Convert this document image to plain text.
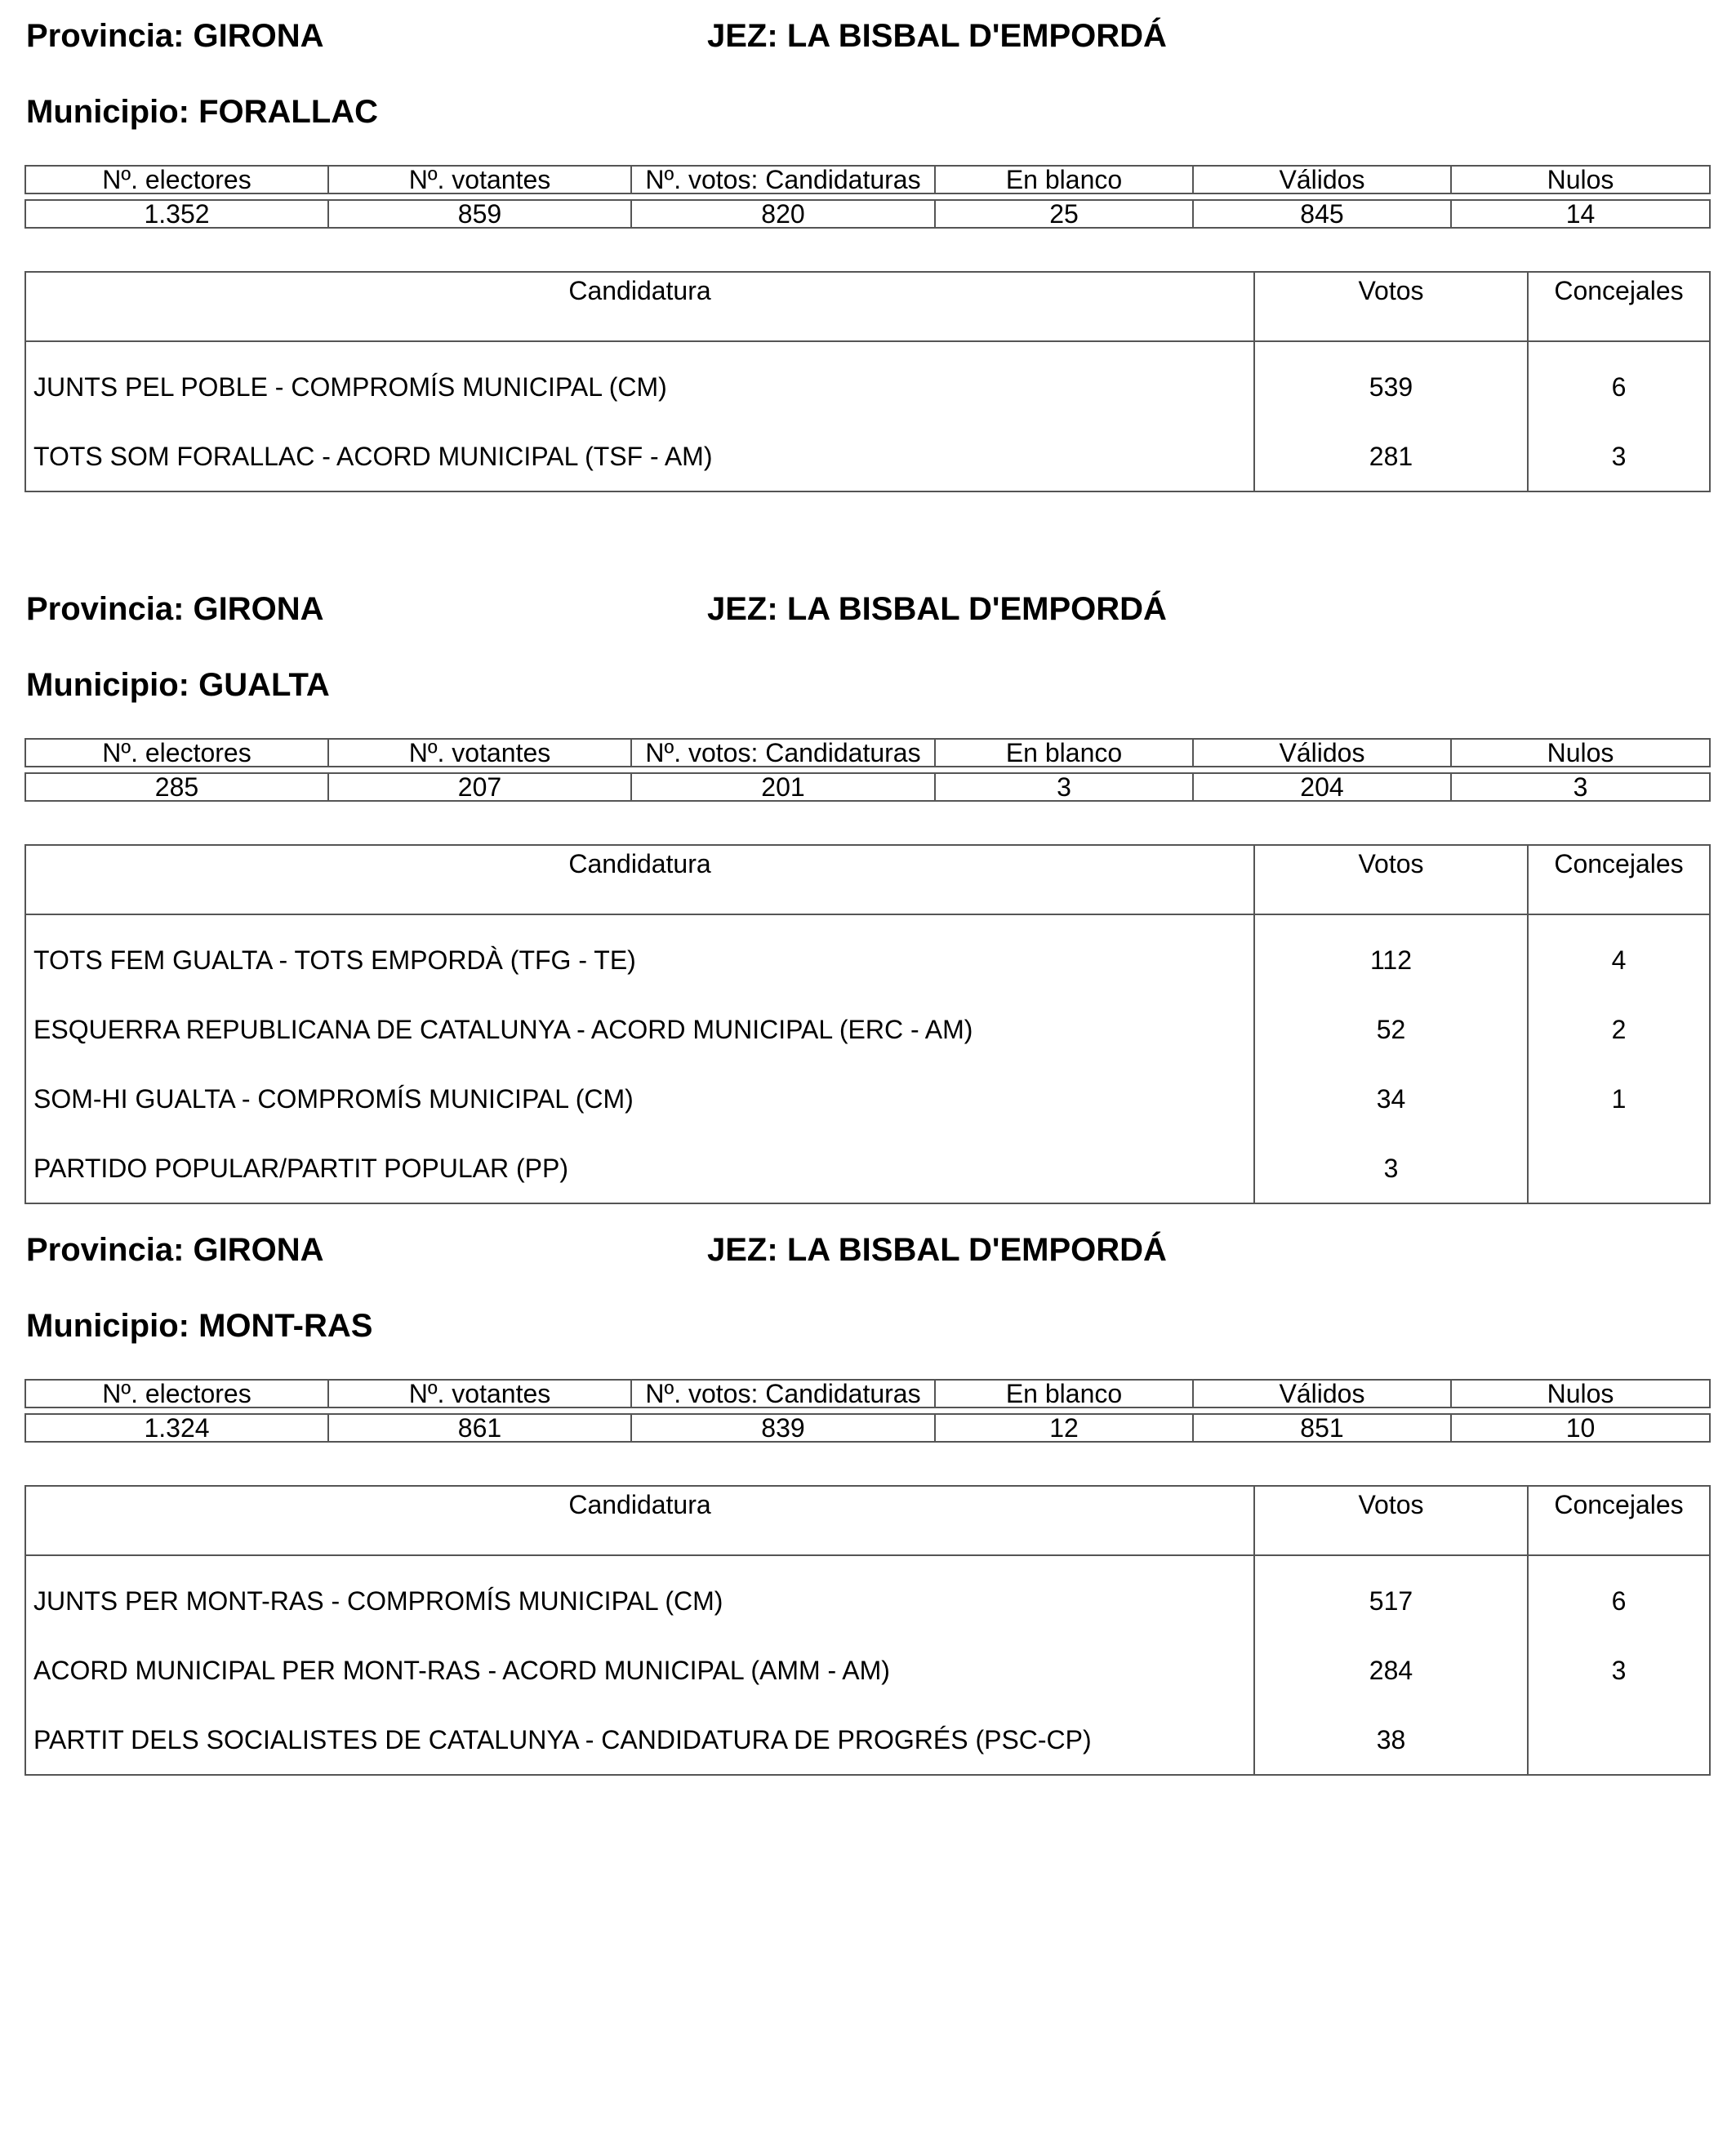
Provincia: GIRONA	JEZ: LA BISBAL D'EMPORDÁ
Municipio: FORALLAC
Nº. electores	Nº. votantes	Nº. votos: Candidaturas	En blanco	Válidos	Nulos

1.352	859	820	25	845	14
Candidatura	Votos	Concejales
JUNTS PEL POBLE - COMPROMÍS MUNICIPAL (CM)	539	6
TOTS SOM FORALLAC - ACORD MUNICIPAL (TSF - AM)	281	3
Provincia: GIRONA	JEZ: LA BISBAL D'EMPORDÁ
Municipio: GUALTA
Nº. electores	Nº. votantes	Nº. votos: Candidaturas	En blanco	Válidos	Nulos

285	207	201	3	204	3
Candidatura	Votos	Concejales
TOTS FEM GUALTA - TOTS EMPORDÀ (TFG - TE)	112	4
ESQUERRA REPUBLICANA DE CATALUNYA - ACORD MUNICIPAL (ERC - AM)	52	2
SOM-HI GUALTA - COMPROMÍS MUNICIPAL (CM)	34	1
PARTIDO POPULAR/PARTIT POPULAR (PP)	3	
Provincia: GIRONA	JEZ: LA BISBAL D'EMPORDÁ
Municipio: MONT-RAS
Nº. electores	Nº. votantes	Nº. votos: Candidaturas	En blanco	Válidos	Nulos

1.324	861	839	12	851	10
Candidatura	Votos	Concejales
JUNTS PER MONT-RAS - COMPROMÍS MUNICIPAL (CM)	517	6
ACORD MUNICIPAL PER MONT-RAS - ACORD MUNICIPAL (AMM - AM)	284	3
PARTIT DELS SOCIALISTES DE CATALUNYA - CANDIDATURA DE PROGRÉS (PSC-CP)	38	
